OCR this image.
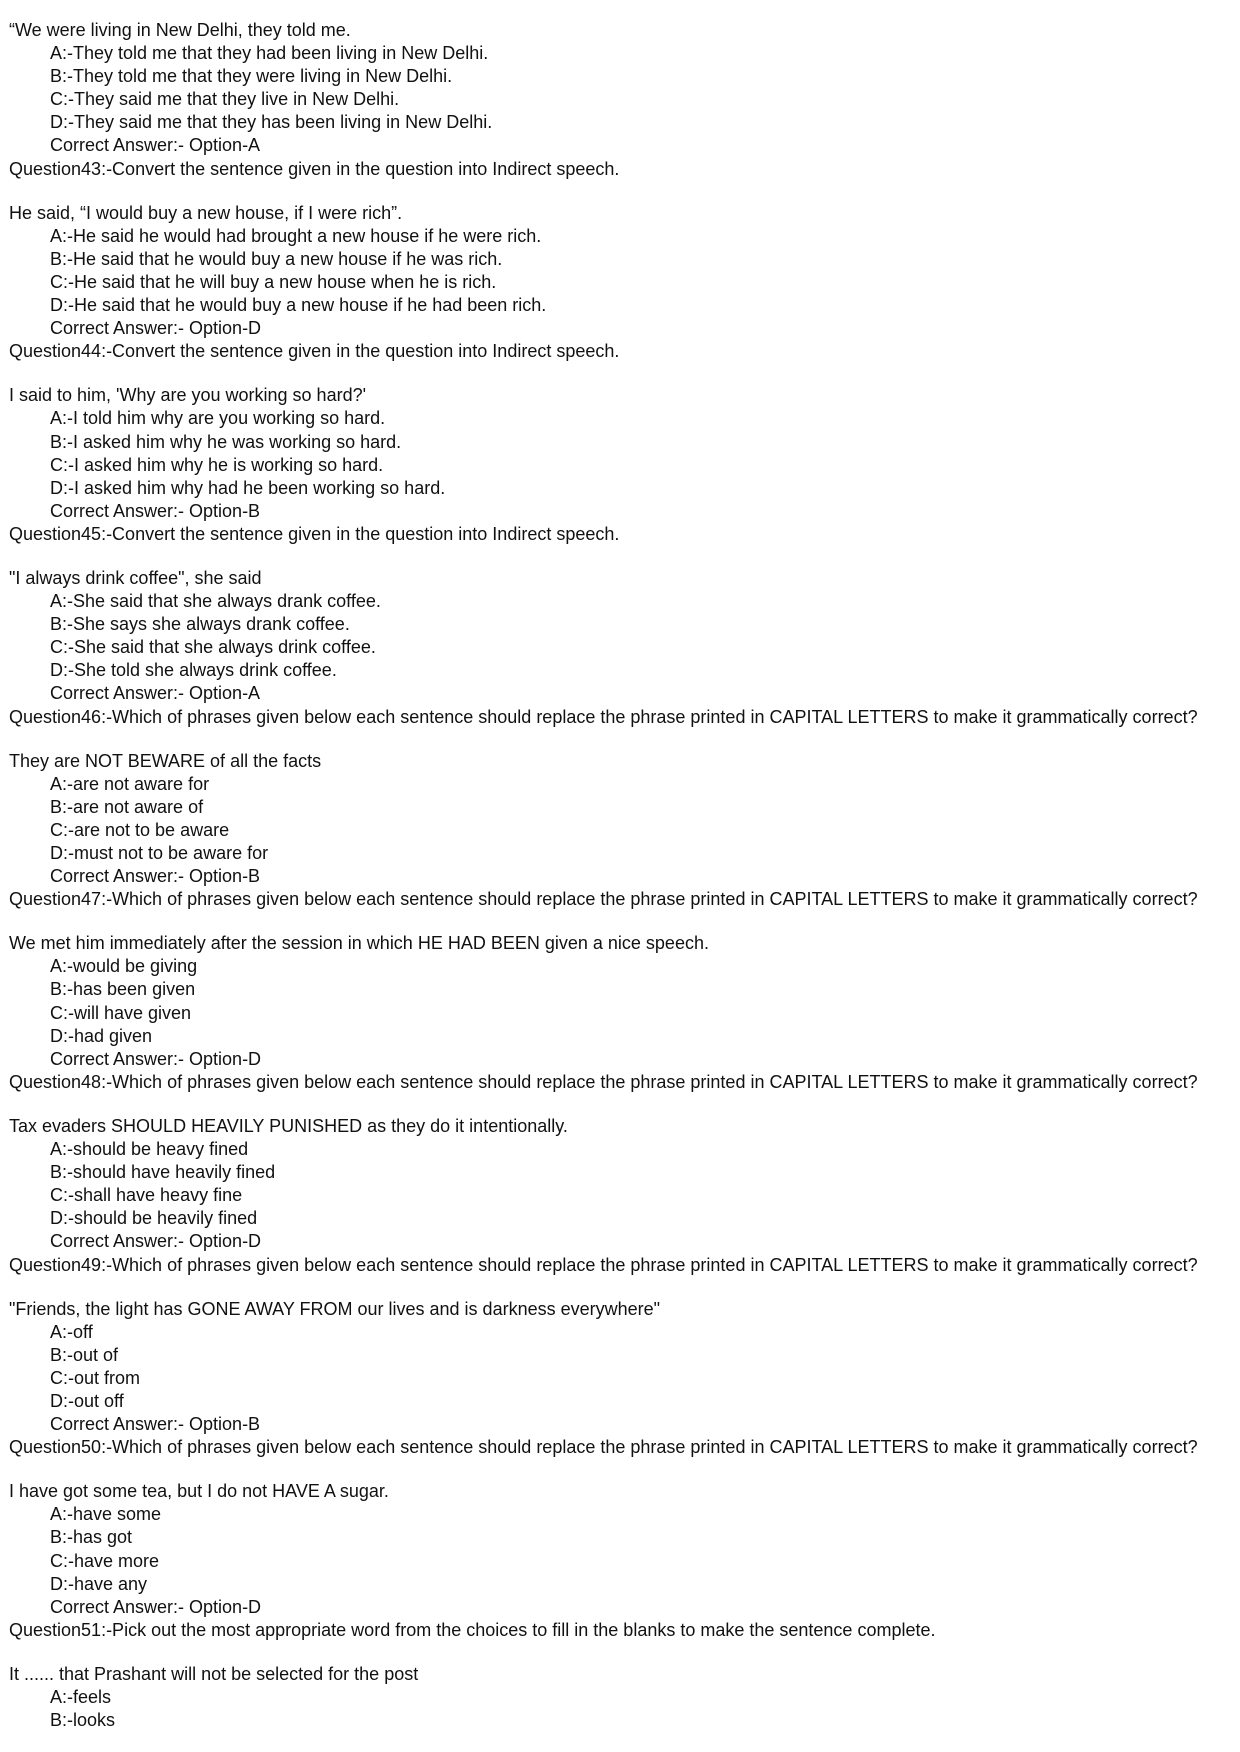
“We were living in New Delhi, they told me.
A:-They told me that they had been living in New Delhi.
B:-They told me that they were living in New Delhi.
C:-They said me that they live in New Delhi.
D:-They said me that they has been living in New Delhi.
Correct Answer:- Option-A
Question43:-Convert the sentence given in the question into Indirect speech.
He said, “I would buy a new house, if I were rich”.
A:-He said he would had brought a new house if he were rich.
B:-He said that he would buy a new house if he was rich.
C:-He said that he will buy a new house when he is rich.
D:-He said that he would buy a new house if he had been rich.
Correct Answer:- Option-D
Question44:-Convert the sentence given in the question into Indirect speech.
I said to him, 'Why are you working so hard?'
A:-I told him why are you working so hard.
B:-I asked him why he was working so hard.
C:-I asked him why he is working so hard.
D:-I asked him why had he been working so hard.
Correct Answer:- Option-B
Question45:-Convert the sentence given in the question into Indirect speech.
"I always drink coffee", she said
A:-She said that she always drank coffee.
B:-She says she always drank coffee.
C:-She said that she always drink coffee.
D:-She told she always drink coffee.
Correct Answer:- Option-A
Question46:-Which of phrases given below each sentence should replace the phrase printed in CAPITAL LETTERS to make it grammatically correct?
They are NOT BEWARE of all the facts
A:-are not aware for
B:-are not aware of
C:-are not to be aware
D:-must not to be aware for
Correct Answer:- Option-B
Question47:-Which of phrases given below each sentence should replace the phrase printed in CAPITAL LETTERS to make it grammatically correct?
We met him immediately after the session in which HE HAD BEEN given a nice speech.
A:-would be giving
B:-has been given
C:-will have given
D:-had given
Correct Answer:- Option-D
Question48:-Which of phrases given below each sentence should replace the phrase printed in CAPITAL LETTERS to make it grammatically correct?
Tax evaders SHOULD HEAVILY PUNISHED as they do it intentionally.
A:-should be heavy fined
B:-should have heavily fined
C:-shall have heavy fine
D:-should be heavily fined
Correct Answer:- Option-D
Question49:-Which of phrases given below each sentence should replace the phrase printed in CAPITAL LETTERS to make it grammatically correct?
"Friends, the light has GONE AWAY FROM our lives and is darkness everywhere"
A:-off
B:-out of
C:-out from
D:-out off
Correct Answer:- Option-B
Question50:-Which of phrases given below each sentence should replace the phrase printed in CAPITAL LETTERS to make it grammatically correct?
I have got some tea, but I do not HAVE A sugar.
A:-have some
B:-has got
C:-have more
D:-have any
Correct Answer:- Option-D
Question51:-Pick out the most appropriate word from the choices to fill in the blanks to make the sentence complete.
It ...... that Prashant will not be selected for the post
A:-feels
B:-looks
